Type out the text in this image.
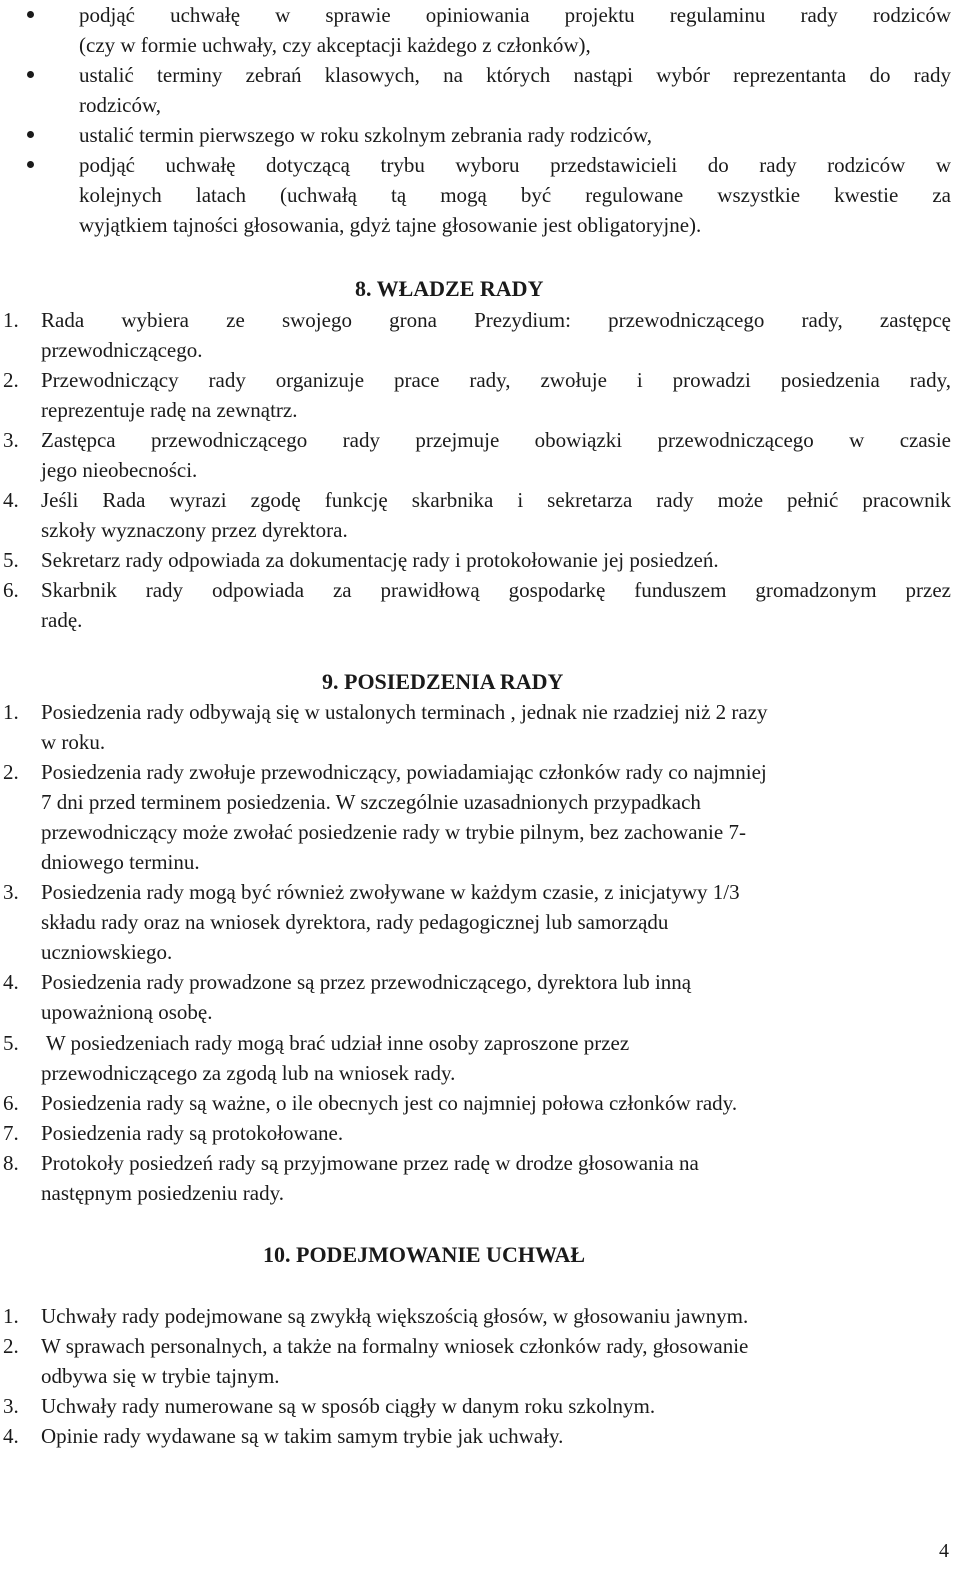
podjąć uchwałę w sprawie opiniowania projektu regulaminu rady rodziców

(czy w formie uchwały, czy akceptacji każdego z członków),

ustalić terminy zebrań klasowych, na których nastąpi wybór reprezentanta do rady

rodziców,

ustalić termin pierwszego w roku szkolnym zebrania rady rodziców,

podjąć uchwałę dotyczącą trybu wyboru przedstawicieli do rady rodziców w

kolejnych latach (uchwałą tą mogą być regulowane wszystkie kwestie za

wyjątkiem tajności głosowania, gdyż tajne głosowanie jest obligatoryjne).

8. WŁADZE RADY

1. Rada wybiera ze swojego grona Prezydium: przewodniczącego rady, zastępcę

przewodniczącego.

2. Przewodniczący rady organizuje prace rady, zwołuje i prowadzi posiedzenia rady,

reprezentuje radę na zewnątrz.

3. Zastępca przewodniczącego rady przejmuje obowiązki przewodniczącego w czasie

jego nieobecności.

4. Jeśli Rada wyrazi zgodę funkcję skarbnika i sekretarza rady może pełnić pracownik

szkoły wyznaczony przez dyrektora.

5. Sekretarz rady odpowiada za dokumentację rady i protokołowanie jej posiedzeń.

6. Skarbnik rady odpowiada za prawidłową gospodarkę funduszem gromadzonym przez

radę.

9. POSIEDZENIA RADY

1. Posiedzenia rady odbywają się w ustalonych terminach , jednak nie rzadziej niż 2 razy

w roku.

2. Posiedzenia rady zwołuje przewodniczący, powiadamiając członków rady co najmniej

7 dni przed terminem posiedzenia. W szczególnie uzasadnionych przypadkach

przewodniczący może zwołać posiedzenie rady w trybie pilnym, bez zachowanie 7-

dniowego terminu.

3. Posiedzenia rady mogą być również zwoływane w każdym czasie, z inicjatywy 1/3

składu rady oraz na wniosek dyrektora, rady pedagogicznej lub samorządu

uczniowskiego.

4. Posiedzenia rady prowadzone są przez przewodniczącego, dyrektora lub inną

upoważnioną osobę.

5. W posiedzeniach rady mogą brać udział inne osoby zaproszone przez

przewodniczącego za zgodą lub na wniosek rady.

6. Posiedzenia rady są ważne, o ile obecnych jest co najmniej połowa członków rady.

7. Posiedzenia rady są protokołowane.

8. Protokoły posiedzeń rady są przyjmowane przez radę w drodze głosowania na

następnym posiedzeniu rady.

10. PODEJMOWANIE UCHWAŁ

1. Uchwały rady podejmowane są zwykłą większością głosów, w głosowaniu jawnym.

2. W sprawach personalnych, a także na formalny wniosek członków rady, głosowanie

odbywa się w trybie tajnym.

3. Uchwały rady numerowane są w sposób ciągły w danym roku szkolnym.

4. Opinie rady wydawane są w takim samym trybie jak uchwały.

4
